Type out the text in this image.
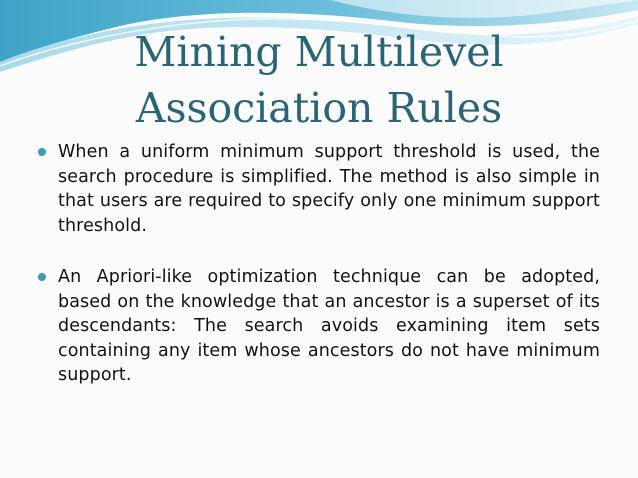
Mining Multilevel
Association Rules
When a uniform minimum support threshold is used, the search procedure is simplified. The method is also simple in that users are required to specify only one minimum support threshold.
An Apriori-like optimization technique can be adopted, based on the knowledge that an ancestor is a superset of its descendants: The search avoids examining item sets containing any item whose ancestors do not have minimum support.
